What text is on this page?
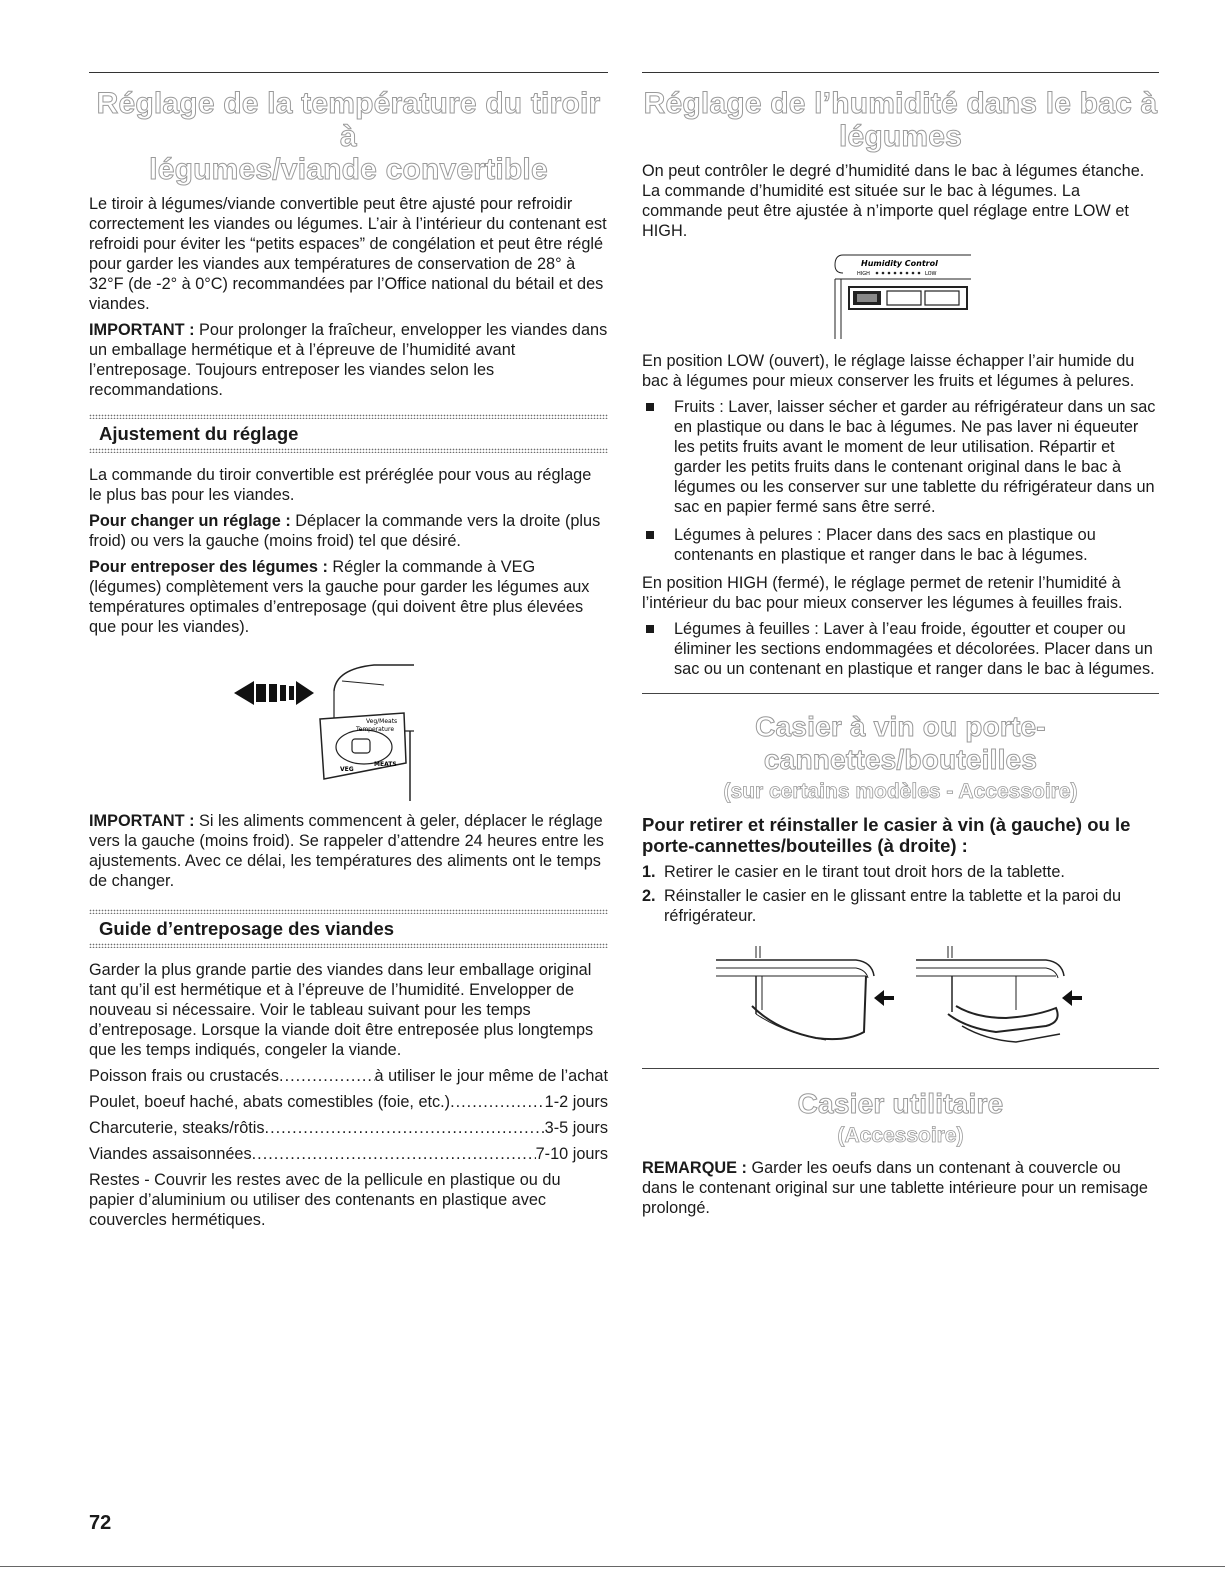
Réglage de la température du tiroir à
légumes/viande convertible

Le tiroir à légumes/viande convertible peut être ajusté pour refroidir correctement les viandes ou légumes. L’air à l’intérieur du contenant est refroidi pour éviter les “petits espaces” de congélation et peut être réglé pour garder les viandes aux températures de conservation de 28° à 32°F (de -2° à 0°C) recommandées par l’Office national du bétail et des viandes.

IMPORTANT : Pour prolonger la fraîcheur, envelopper les viandes dans un emballage hermétique et à l’épreuve de l’humidité avant l’entreposage. Toujours entreposer les viandes selon les recommandations.

Ajustement du réglage

La commande du tiroir convertible est préréglée pour vous au réglage le plus bas pour les viandes.

Pour changer un réglage : Déplacer la commande vers la droite (plus froid) ou vers la gauche (moins froid) tel que désiré.

Pour entreposer des légumes : Régler la commande à VEG (légumes) complètement vers la gauche pour garder les légumes aux températures optimales d’entreposage (qui doivent être plus élevées que pour les viandes).

Veg/Meats
Temperature
VEG
MEATS

IMPORTANT : Si les aliments commencent à geler, déplacer le réglage vers la gauche (moins froid). Se rappeler d’attendre 24 heures entre les ajustements. Avec ce délai, les températures des aliments ont le temps de changer.

Guide d’entreposage des viandes

Garder la plus grande partie des viandes dans leur emballage original tant qu’il est hermétique et à l’épreuve de l’humidité. Envelopper de nouveau si nécessaire. Voir le tableau suivant pour les temps d’entreposage. Lorsque la viande doit être entreposée plus longtemps que les temps indiqués, congeler la viande.

Poisson frais ou crustacés .....	à utiliser le jour même de l’achat
Poulet, boeuf haché, abats comestibles (foie, etc.) .....	1-2 jours
Charcuterie, steaks/rôtis .....	3-5 jours
Viandes assaisonnées .....	7-10 jours

Restes - Couvrir les restes avec de la pellicule en plastique ou du papier d’aluminium ou utiliser des contenants en plastique avec couvercles hermétiques.

Réglage de l’humidité dans le bac à
légumes

On peut contrôler le degré d’humidité dans le bac à légumes étanche. La commande d’humidité est située sur le bac à légumes. La commande peut être ajustée à n’importe quel réglage entre LOW et HIGH.

Humidity Control
HIGH	LOW

En position LOW (ouvert), le réglage laisse échapper l’air humide du bac à légumes pour mieux conserver les fruits et légumes à pelures.

Fruits : Laver, laisser sécher et garder au réfrigérateur dans un sac en plastique ou dans le bac à légumes. Ne pas laver ni équeuter les petits fruits avant le moment de leur utilisation. Répartir et garder les petits fruits dans le contenant original dans le bac à légumes ou les conserver sur une tablette du réfrigérateur dans un sac en papier fermé sans être serré.
Légumes à pelures : Placer dans des sacs en plastique ou contenants en plastique et ranger dans le bac à légumes.

En position HIGH (fermé), le réglage permet de retenir l’humidité à l’intérieur du bac pour mieux conserver les légumes à feuilles frais.

Légumes à feuilles : Laver à l’eau froide, égoutter et couper ou éliminer les sections endommagées et décolorées. Placer dans un sac ou un contenant en plastique et ranger dans le bac à légumes.
Casier à vin ou porte-cannettes/bouteilles
(sur certains modèles - Accessoire)
Pour retirer et réinstaller le casier à vin (à gauche) ou le porte-cannettes/bouteilles (à droite) :
1. Retirer le casier en le tirant tout droit hors de la tablette.
2. Réinstaller le casier en le glissant entre la tablette et la paroi du réfrigérateur.
Casier utilitaire
(Accessoire)

REMARQUE : Garder les oeufs dans un contenant à couvercle ou dans le contenant original sur une tablette intérieure pour un remisage prolongé.

72
